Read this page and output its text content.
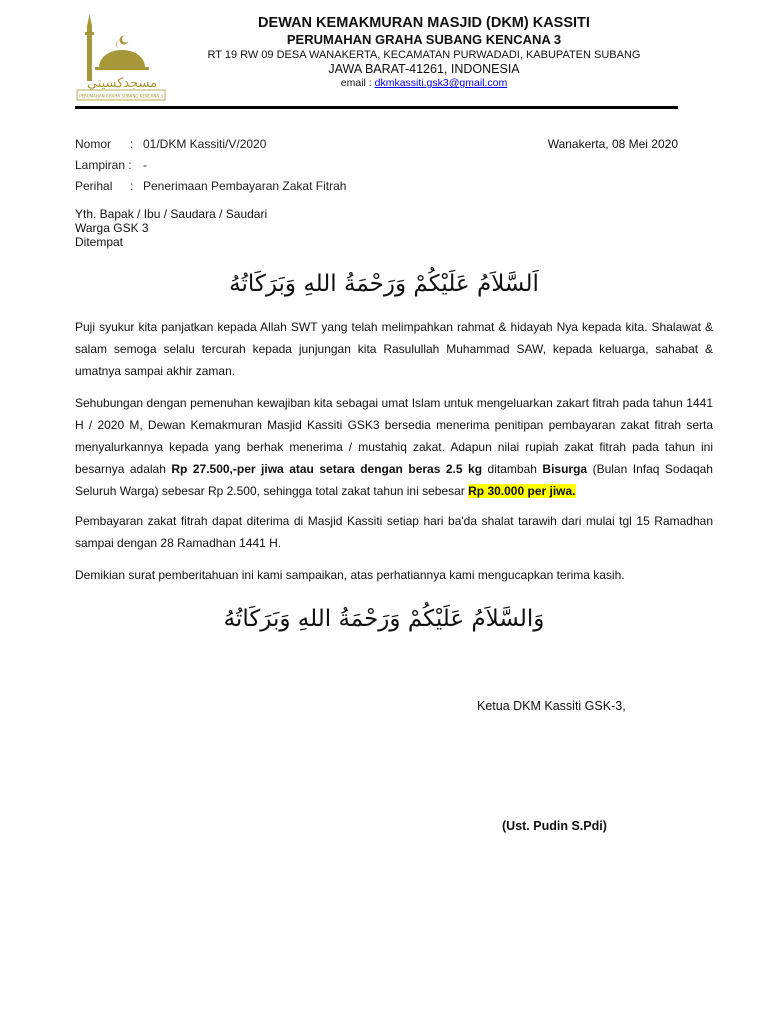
مسجدكسيتي
PERUMAHAN GRAHA SUBANG KENCANA 3
DEWAN KEMAKMURAN MASJID (DKM) KASSITI
PERUMAHAN GRAHA SUBANG KENCANA 3
RT 19 RW 09 DESA WANAKERTA, KECAMATAN PURWADADI, KABUPATEN SUBANG
JAWA BARAT-41261, INDONESIA
email : dkmkassiti.gsk3@gmail.com
Nomor : 01/DKM Kassiti/V/2020	Wanakerta, 08 Mei 2020
Lampiran : -
Perihal : Penerimaan Pembayaran Zakat Fitrah
Yth. Bapak / Ibu / Saudara / Saudari
Warga GSK 3
Ditempat
اَلسَّلاَمُ عَلَيْكُمْ وَرَحْمَةُ اللهِ وَبَرَكَاتُهُ
Puji syukur kita panjatkan kepada Allah SWT yang telah melimpahkan rahmat & hidayah Nya kepada kita. Shalawat & salam semoga selalu tercurah kepada junjungan kita Rasulullah Muhammad SAW, kepada keluarga, sahabat & umatnya sampai akhir zaman.
Sehubungan dengan pemenuhan kewajiban kita sebagai umat Islam untuk mengeluarkan zakart fitrah pada tahun 1441 H / 2020 M, Dewan Kemakmuran Masjid Kassiti GSK3 bersedia menerima penitipan pembayaran zakat fitrah serta menyalurkannya kepada yang berhak menerima / mustahiq zakat. Adapun nilai rupiah zakat fitrah pada tahun ini besarnya adalah Rp 27.500,-per jiwa atau setara dengan beras 2.5 kg ditambah Bisurga (Bulan Infaq Sodaqah Seluruh Warga) sebesar Rp 2.500, sehingga total zakat tahun ini sebesar Rp 30.000 per jiwa.
Pembayaran zakat fitrah dapat diterima di Masjid Kassiti setiap hari ba'da shalat tarawih dari mulai tgl 15 Ramadhan sampai dengan 28 Ramadhan 1441 H.
Demikian surat pemberitahuan ini kami sampaikan, atas perhatiannya kami mengucapkan terima kasih.
وَالسَّلاَمُ عَلَيْكُمْ وَرَحْمَةُ اللهِ وَبَرَكَاتُهُ
Ketua DKM Kassiti GSK-3,
(Ust. Pudin S.Pdi)
